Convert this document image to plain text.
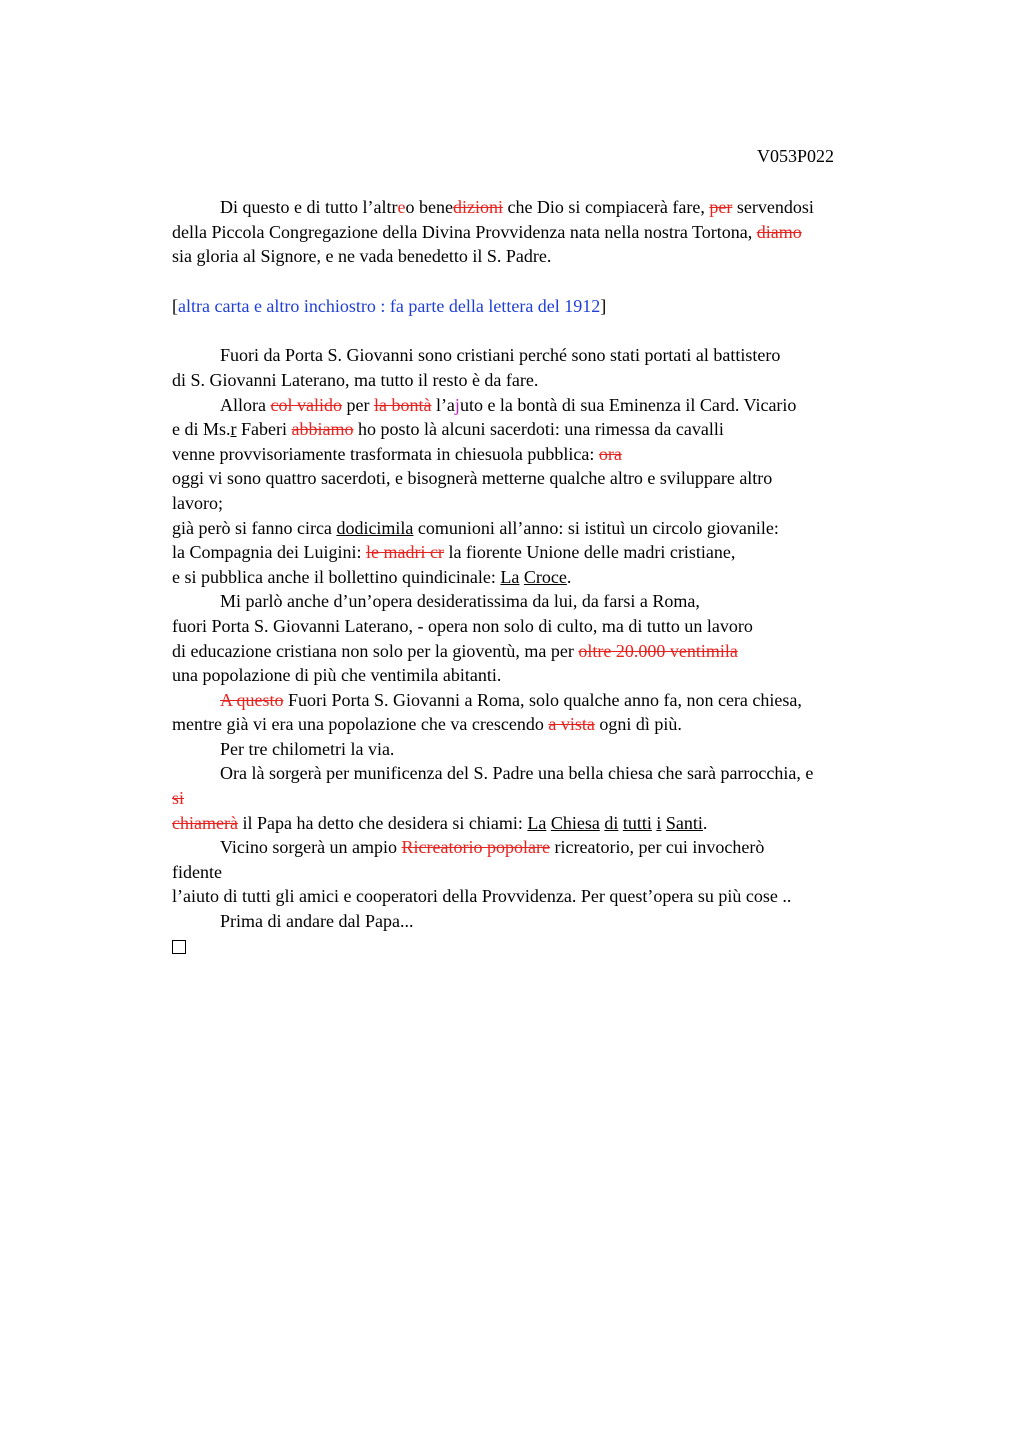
V053P022
Di questo e di tutto l’altreo benedizioni che Dio si compiacerà fare, per servendosi
della Piccola Congregazione della Divina Provvidenza nata nella nostra Tortona, diamo
sia gloria al Signore, e ne vada benedetto il S. Padre.
[altra carta e altro inchiostro : fa parte della lettera del 1912]
Fuori da Porta S. Giovanni sono cristiani perché sono stati portati al battistero
di S. Giovanni Laterano, ma tutto il resto è da fare.
Allora col valido per la bontà l’ajuto e la bontà di sua Eminenza il Card. Vicario
e di Ms.r Faberi abbiamo ho posto là alcuni sacerdoti: una rimessa da cavalli
venne provvisoriamente trasformata in chiesuola pubblica: ora
oggi vi sono quattro sacerdoti, e bisognerà metterne qualche altro e sviluppare altro
lavoro;
già però si fanno circa dodicimila comunioni all’anno: si istituì un circolo giovanile:
la Compagnia dei Luigini: le madri cr la fiorente Unione delle madri cristiane,
e si pubblica anche il bollettino quindicinale: La Croce.
Mi parlò anche d’un’opera desideratissima da lui, da farsi a Roma,
fuori Porta S. Giovanni Laterano, - opera non solo di culto, ma di tutto un lavoro
di educazione cristiana non solo per la gioventù, ma per oltre 20.000 ventimila
una popolazione di più che ventimila abitanti.
A questo Fuori Porta S. Giovanni a Roma, solo qualche anno fa, non cera chiesa,
mentre già vi era una popolazione che va crescendo a vista ogni dì più.
Per tre chilometri la via.
Ora là sorgerà per munificenza del S. Padre una bella chiesa che sarà parrocchia, e
si
chiamerà il Papa ha detto che desidera si chiami: La Chiesa di tutti i Santi.
Vicino sorgerà un ampio Ricreatorio popolare ricreatorio, per cui invocherò
fidente
l’aiuto di tutti gli amici e cooperatori della Provvidenza. Per quest’opera su più cose ..
Prima di andare dal Papa...
